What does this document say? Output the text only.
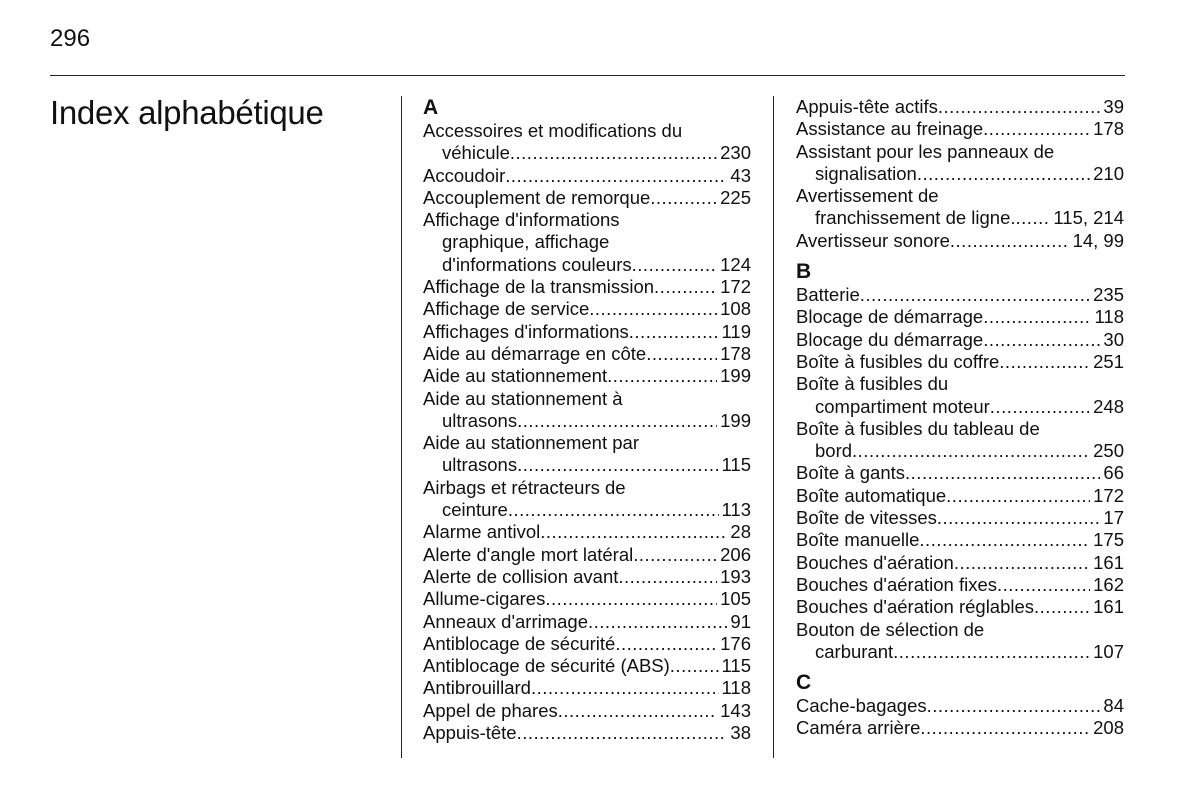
296
Index alphabétique	A
Accessoires et modifications du
véhicule .....	230
Accoudoir .....	43
Accouplement de remorque .....	225
Affichage d'informations
graphique, affichage
d'informations couleurs .....	124
Affichage de la transmission .....	172
Affichage de service .....	108
Affichages d'informations .....	119
Aide au démarrage en côte .....	178
Aide au stationnement .....	199
Aide au stationnement à
ultrasons .....	199
Aide au stationnement par
ultrasons .....	115
Airbags et rétracteurs de
ceinture .....	113
Alarme antivol .....	28
Alerte d'angle mort latéral .....	206
Alerte de collision avant .....	193
Allume-cigares .....	105
Anneaux d'arrimage .....	91
Antiblocage de sécurité .....	176
Antiblocage de sécurité (ABS) .....	115
Antibrouillard .....	118
Appel de phares .....	143
Appuis-tête .....	38
Appuis-tête actifs .....	39
Assistance au freinage .....	178
Assistant pour les panneaux de
signalisation .....	210
Avertissement de
franchissement de ligne. ..... 115, 214
Avertisseur sonore .....	14, 99
B
Batterie .....	235
Blocage de démarrage .....	118
Blocage du démarrage .....	30
Boîte à fusibles du coffre .....	251
Boîte à fusibles du
compartiment moteur .....	248
Boîte à fusibles du tableau de
bord .....	250
Boîte à gants .....	66
Boîte automatique .....	172
Boîte de vitesses .....	17
Boîte manuelle .....	175
Bouches d'aération .....	161
Bouches d'aération fixes .....	162
Bouches d'aération réglables .....	161
Bouton de sélection de
carburant .....	107
C
Cache-bagages .....	84
Caméra arrière .....	208
